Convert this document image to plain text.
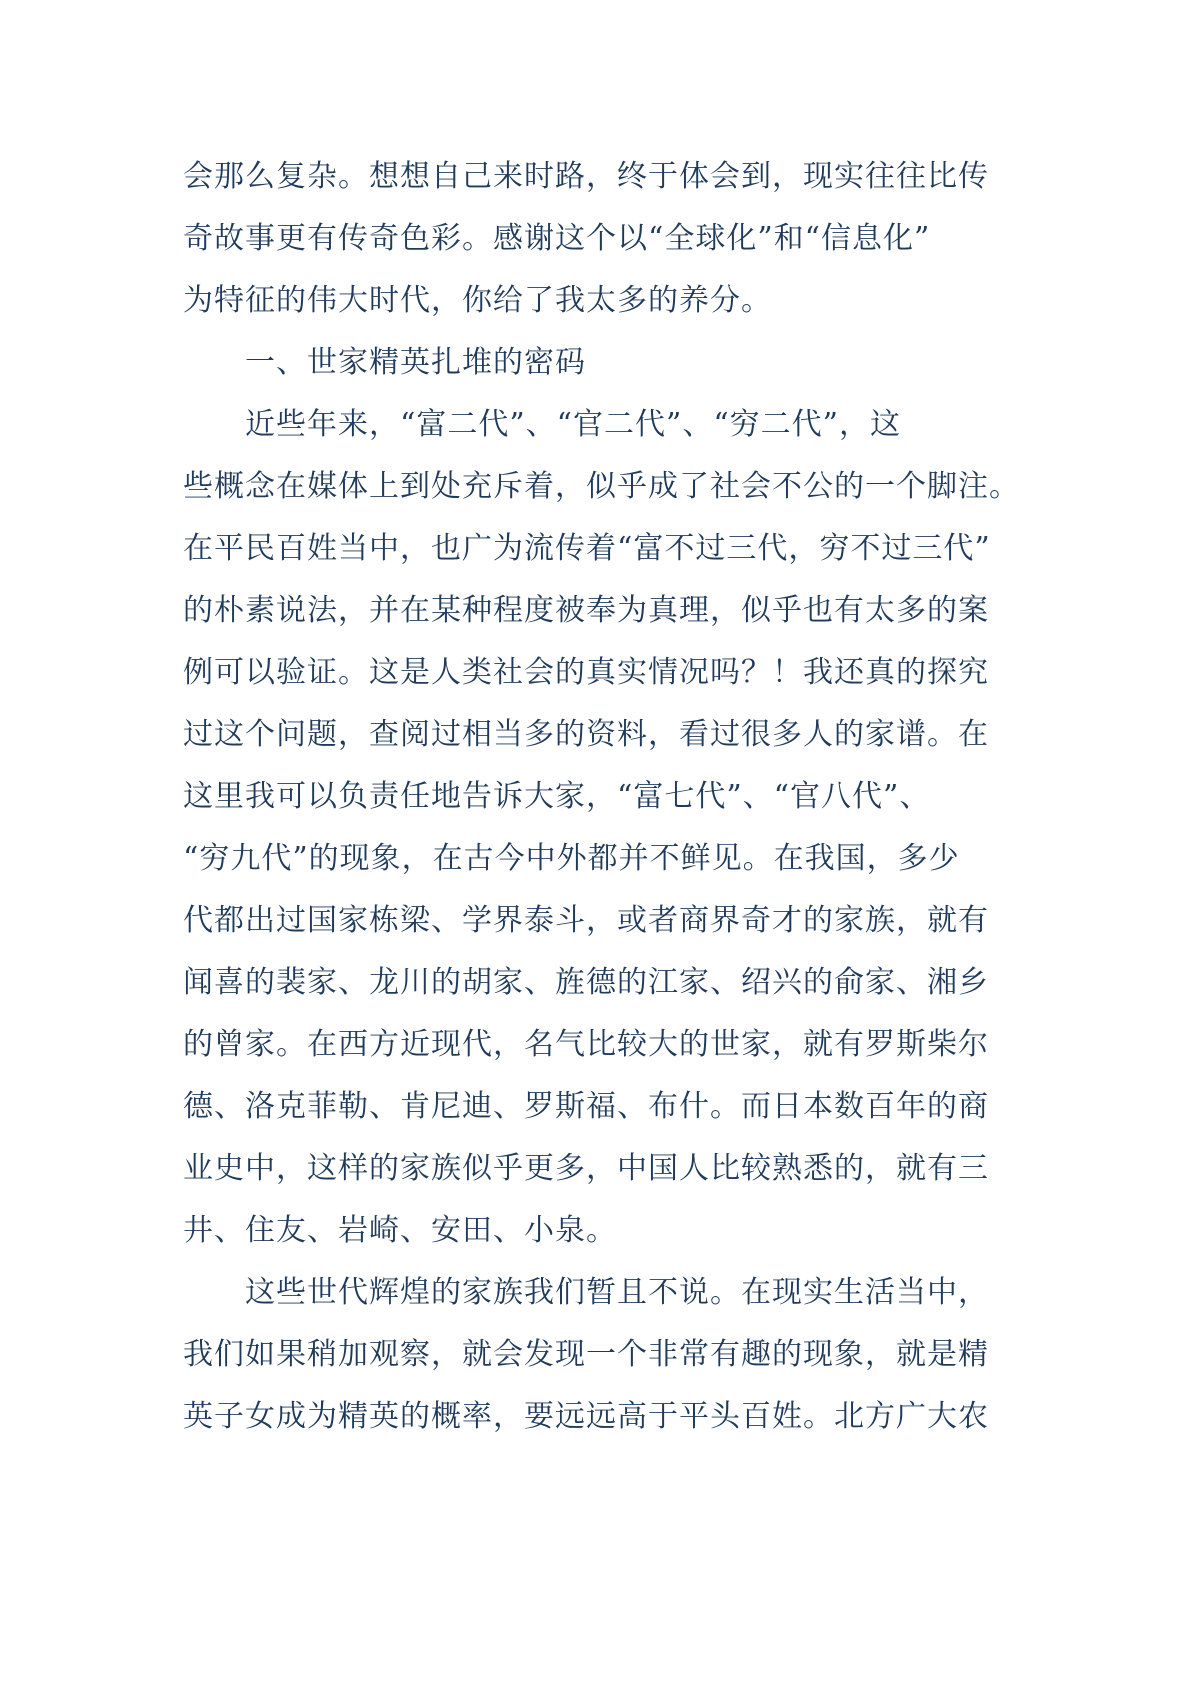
会那么复杂。想想自己来时路，终于体会到，现实往往比传
奇故事更有传奇色彩。感谢这个以“全球化”和“信息化”
为特征的伟大时代，你给了我太多的养分。
一、世家精英扎堆的密码
近些年来，“富二代”、“官二代”、“穷二代”，这
些概念在媒体上到处充斥着，似乎成了社会不公的一个脚注。
在平民百姓当中，也广为流传着“富不过三代，穷不过三代”
的朴素说法，并在某种程度被奉为真理，似乎也有太多的案
例可以验证。这是人类社会的真实情况吗？！我还真的探究
过这个问题，查阅过相当多的资料，看过很多人的家谱。在
这里我可以负责任地告诉大家，“富七代”、“官八代”、
“穷九代”的现象，在古今中外都并不鲜见。在我国，多少
代都出过国家栋梁、学界泰斗，或者商界奇才的家族，就有
闻喜的裴家、龙川的胡家、旌德的江家、绍兴的俞家、湘乡
的曾家。在西方近现代，名气比较大的世家，就有罗斯柴尔
德、洛克菲勒、肯尼迪、罗斯福、布什。而日本数百年的商
业史中，这样的家族似乎更多，中国人比较熟悉的，就有三
井、住友、岩崎、安田、小泉。
这些世代辉煌的家族我们暂且不说。在现实生活当中，
我们如果稍加观察，就会发现一个非常有趣的现象，就是精
英子女成为精英的概率，要远远高于平头百姓。北方广大农
